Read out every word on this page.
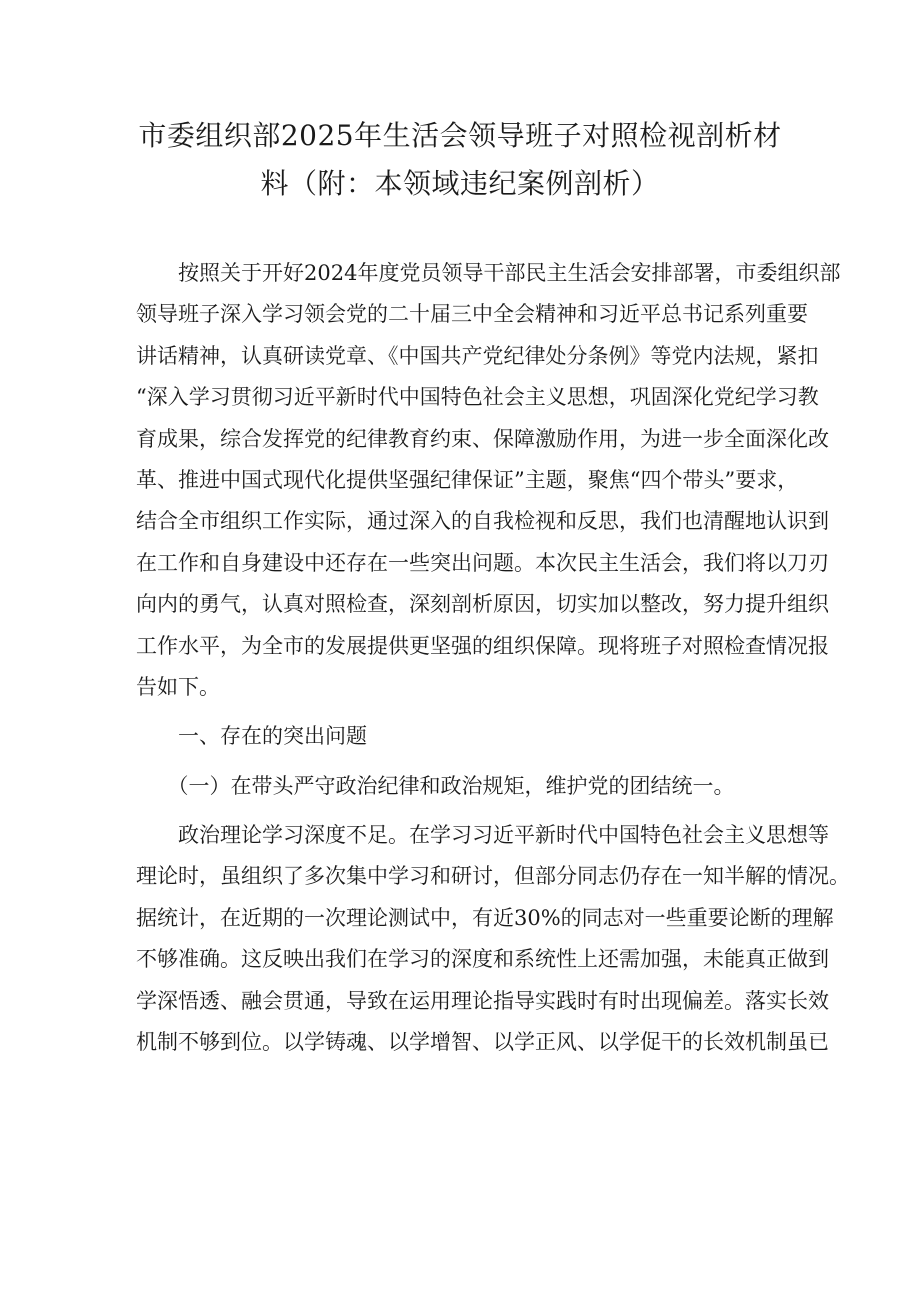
市委组织部2025年生活会领导班子对照检视剖析材
料（附：本领域违纪案例剖析）
　　按照关于开好2024年度党员领导干部民主生活会安排部署，市委组织部
领导班子深入学习领会党的二十届三中全会精神和习近平总书记系列重要
讲话精神，认真研读党章、《中国共产党纪律处分条例》等党内法规，紧扣
“深入学习贯彻习近平新时代中国特色社会主义思想，巩固深化党纪学习教
育成果，综合发挥党的纪律教育约束、保障激励作用，为进一步全面深化改
革、推进中国式现代化提供坚强纪律保证”主题，聚焦“四个带头”要求，
结合全市组织工作实际，通过深入的自我检视和反思，我们也清醒地认识到
在工作和自身建设中还存在一些突出问题。本次民主生活会，我们将以刀刃
向内的勇气，认真对照检查，深刻剖析原因，切实加以整改，努力提升组织
工作水平，为全市的发展提供更坚强的组织保障。现将班子对照检查情况报
告如下。
　　一、存在的突出问题
　　（一）在带头严守政治纪律和政治规矩，维护党的团结统一。
　　政治理论学习深度不足。在学习习近平新时代中国特色社会主义思想等
理论时，虽组织了多次集中学习和研讨，但部分同志仍存在一知半解的情况。
据统计，在近期的一次理论测试中，有近30%的同志对一些重要论断的理解
不够准确。这反映出我们在学习的深度和系统性上还需加强，未能真正做到
学深悟透、融会贯通，导致在运用理论指导实践时有时出现偏差。落实长效
机制不够到位。以学铸魂、以学增智、以学正风、以学促干的长效机制虽已
